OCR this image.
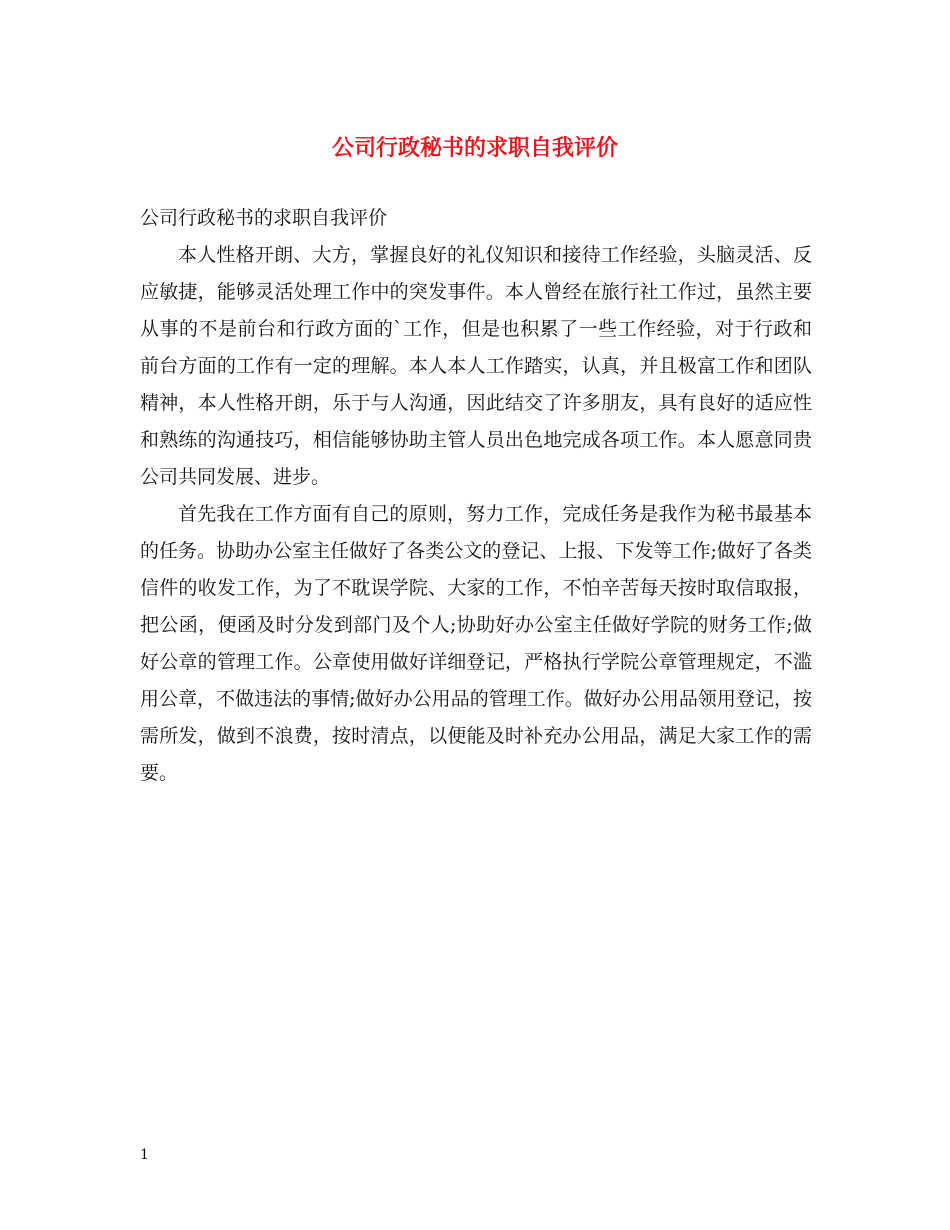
公司行政秘书的求职自我评价

公司行政秘书的求职自我评价

本人性格开朗、大方，掌握良好的礼仪知识和接待工作经验，头脑灵活、反应敏捷，能够灵活处理工作中的突发事件。本人曾经在旅行社工作过，虽然主要从事的不是前台和行政方面的`工作，但是也积累了一些工作经验，对于行政和前台方面的工作有一定的理解。本人本人工作踏实，认真，并且极富工作和团队精神，本人性格开朗，乐于与人沟通，因此结交了许多朋友，具有良好的适应性和熟练的沟通技巧，相信能够协助主管人员出色地完成各项工作。本人愿意同贵公司共同发展、进步。

首先我在工作方面有自己的原则，努力工作，完成任务是我作为秘书最基本的任务。协助办公室主任做好了各类公文的登记、上报、下发等工作;做好了各类信件的收发工作，为了不耽误学院、大家的工作，不怕辛苦每天按时取信取报，把公函，便函及时分发到部门及个人;协助好办公室主任做好学院的财务工作;做好公章的管理工作。公章使用做好详细登记，严格执行学院公章管理规定，不滥用公章，不做违法的事情;做好办公用品的管理工作。做好办公用品领用登记，按需所发，做到不浪费，按时清点，以便能及时补充办公用品，满足大家工作的需要。

1
